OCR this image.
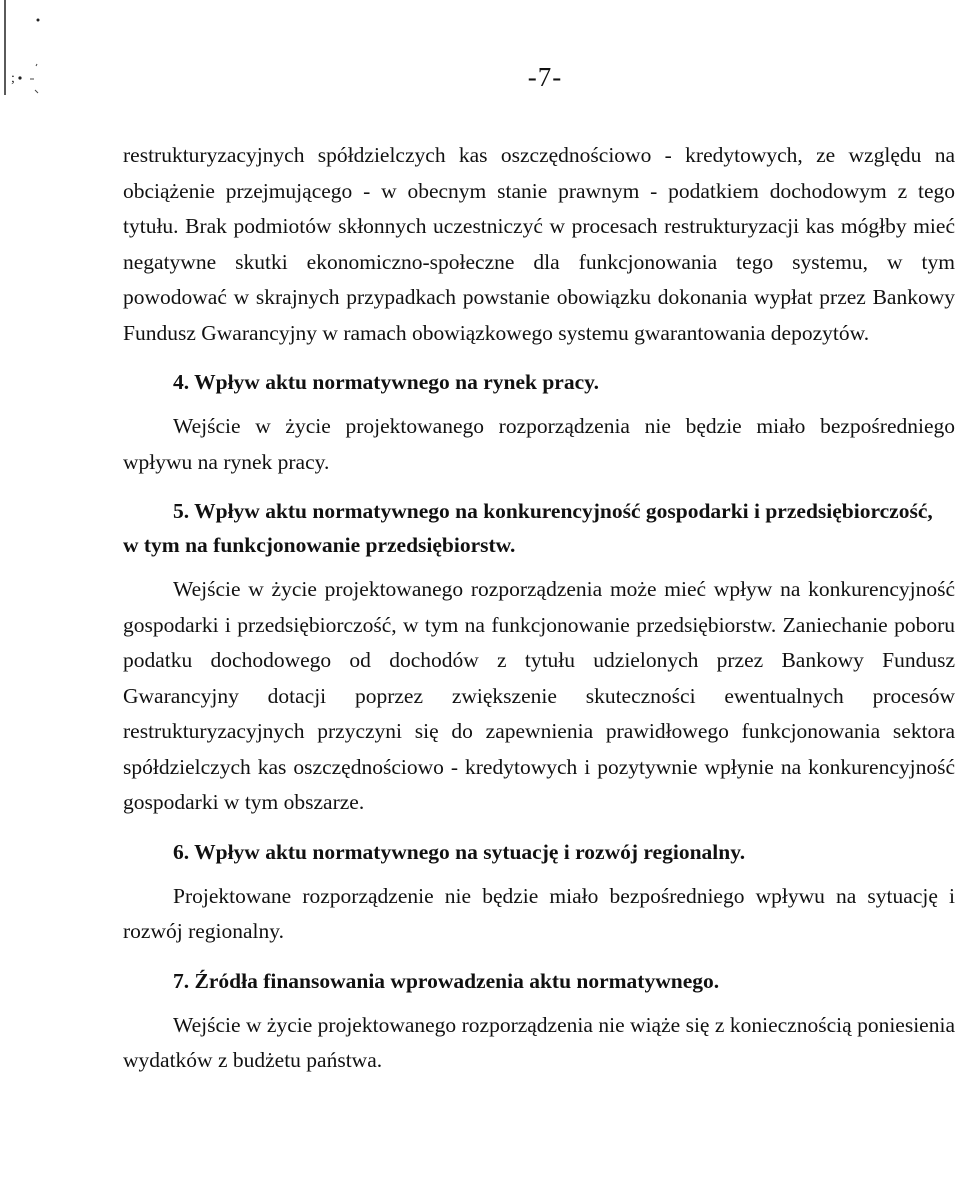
;	-7-

restrukturyzacyjnych spółdzielczych kas oszczędnościowo - kredytowych, ze względu na obciążenie przejmującego - w obecnym stanie prawnym - podatkiem dochodowym z tego tytułu. Brak podmiotów skłonnych uczestniczyć w procesach restrukturyzacji kas mógłby mieć negatywne skutki ekonomiczno-społeczne dla funkcjonowania tego systemu, w tym powodować w skrajnych przypadkach powstanie obowiązku dokonania wypłat przez Bankowy Fundusz Gwarancyjny w ramach obowiązkowego systemu gwarantowania depozytów.

4. Wpływ aktu normatywnego na rynek pracy.

Wejście w życie projektowanego rozporządzenia nie będzie miało bezpośredniego wpływu na rynek pracy.

5. Wpływ aktu normatywnego na konkurencyjność gospodarki i przedsiębiorczość,
w tym na funkcjonowanie przedsiębiorstw.

Wejście w życie projektowanego rozporządzenia może mieć wpływ na konkurencyjność gospodarki i przedsiębiorczość, w tym na funkcjonowanie przedsiębiorstw. Zaniechanie poboru podatku dochodowego od dochodów z tytułu udzielonych przez Bankowy Fundusz Gwarancyjny dotacji poprzez zwiększenie skuteczności ewentualnych procesów restrukturyzacyjnych przyczyni się do zapewnienia prawidłowego funkcjonowania sektora spółdzielczych kas oszczędnościowo - kredytowych i pozytywnie wpłynie na konkurencyjność gospodarki w tym obszarze.

6. Wpływ aktu normatywnego na sytuację i rozwój regionalny.

Projektowane rozporządzenie nie będzie miało bezpośredniego wpływu na sytuację i rozwój regionalny.

7. Źródła finansowania wprowadzenia aktu normatywnego.

Wejście w życie projektowanego rozporządzenia nie wiąże się z koniecznością poniesienia wydatków z budżetu państwa.
